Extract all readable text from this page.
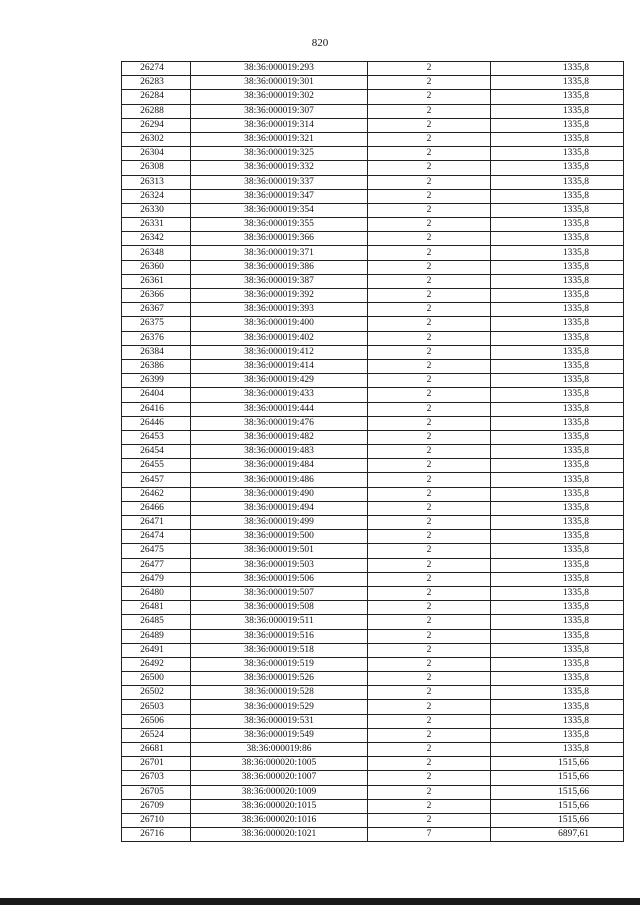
820
26274	38:36:000019:293	2	1335,8
26283	38:36:000019:301	2	1335,8
26284	38:36:000019:302	2	1335,8
26288	38:36:000019:307	2	1335,8
26294	38:36:000019:314	2	1335,8
26302	38:36:000019:321	2	1335,8
26304	38:36:000019:325	2	1335,8
26308	38:36:000019:332	2	1335,8
26313	38:36:000019:337	2	1335,8
26324	38:36:000019:347	2	1335,8
26330	38:36:000019:354	2	1335,8
26331	38:36:000019:355	2	1335,8
26342	38:36:000019:366	2	1335,8
26348	38:36:000019:371	2	1335,8
26360	38:36:000019:386	2	1335,8
26361	38:36:000019:387	2	1335,8
26366	38:36:000019:392	2	1335,8
26367	38:36:000019:393	2	1335,8
26375	38:36:000019:400	2	1335,8
26376	38:36:000019:402	2	1335,8
26384	38:36:000019:412	2	1335,8
26386	38:36:000019:414	2	1335,8
26399	38:36:000019:429	2	1335,8
26404	38:36:000019:433	2	1335,8
26416	38:36:000019:444	2	1335,8
26446	38:36:000019:476	2	1335,8
26453	38:36:000019:482	2	1335,8
26454	38:36:000019:483	2	1335,8
26455	38:36:000019:484	2	1335,8
26457	38:36:000019:486	2	1335,8
26462	38:36:000019:490	2	1335,8
26466	38:36:000019:494	2	1335,8
26471	38:36:000019:499	2	1335,8
26474	38:36:000019:500	2	1335,8
26475	38:36:000019:501	2	1335,8
26477	38:36:000019:503	2	1335,8
26479	38:36:000019:506	2	1335,8
26480	38:36:000019:507	2	1335,8
26481	38:36:000019:508	2	1335,8
26485	38:36:000019:511	2	1335,8
26489	38:36:000019:516	2	1335,8
26491	38:36:000019:518	2	1335,8
26492	38:36:000019:519	2	1335,8
26500	38:36:000019:526	2	1335,8
26502	38:36:000019:528	2	1335,8
26503	38:36:000019:529	2	1335,8
26506	38:36:000019:531	2	1335,8
26524	38:36:000019:549	2	1335,8
26681	38:36:000019:86	2	1335,8
26701	38:36:000020:1005	2	1515,66
26703	38:36:000020:1007	2	1515,66
26705	38:36:000020:1009	2	1515,66
26709	38:36:000020:1015	2	1515,66
26710	38:36:000020:1016	2	1515,66
26716	38:36:000020:1021	7	6897,61
